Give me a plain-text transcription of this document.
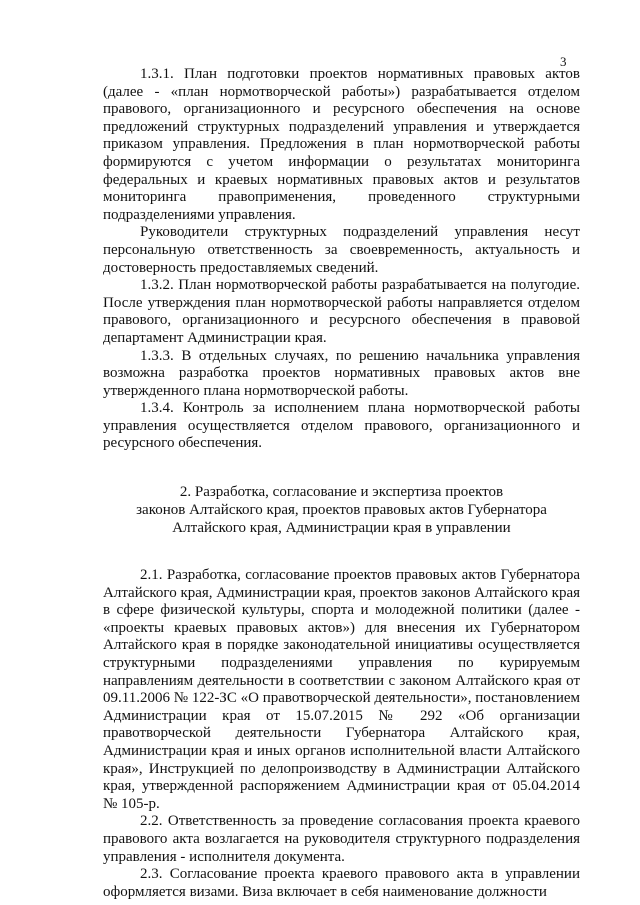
3

1.3.1. План подготовки проектов нормативных правовых актов (далее - «план нормотворческой работы») разрабатывается отделом правового, организационного и ресурсного обеспечения на основе предложений структурных подразделений управления и утверждается приказом управления. Предложения в план нормотворческой работы формируются с учетом информации о результатах мониторинга федеральных и краевых нормативных правовых актов и результатов мониторинга правоприменения, проведенного структурными подразделениями управления.

Руководители структурных подразделений управления несут персональную ответственность за своевременность, актуальность и достоверность предоставляемых сведений.

1.3.2. План нормотворческой работы разрабатывается на полугодие. После утверждения план нормотворческой работы направляется отделом правового, организационного и ресурсного обеспечения в правовой департамент Администрации края.

1.3.3. В отдельных случаях, по решению начальника управления возможна разработка проектов нормативных правовых актов вне утвержденного плана нормотворческой работы.

1.3.4. Контроль за исполнением плана нормотворческой работы управления осуществляется отделом правового, организационного и ресурсного обеспечения.

2. Разработка, согласование и экспертиза проектов
законов Алтайского края, проектов правовых актов Губернатора
Алтайского края, Администрации края в управлении

2.1. Разработка, согласование проектов правовых актов Губернатора Алтайского края, Администрации края, проектов законов Алтайского края в сфере физической культуры, спорта и молодежной политики (далее - «проекты краевых правовых актов») для внесения их Губернатором Алтайского края в порядке законодательной инициативы осуществляется структурными подразделениями управления по курируемым направлениям деятельности в соответствии с законом Алтайского края от 09.11.2006 № 122-ЗС «О правотворческой деятельности», постановлением Администрации края от 15.07.2015 № 292 «Об организации правотворческой деятельности Губернатора Алтайского края, Администрации края и иных органов исполнительной власти Алтайского края», Инструкцией по делопроизводству в Администрации Алтайского края, утвержденной распоряжением Администрации края от 05.04.2014 № 105-р.

2.2. Ответственность за проведение согласования проекта краевого правового акта возлагается на руководителя структурного подразделения управления - исполнителя документа.

2.3. Согласование проекта краевого правового акта в управлении оформляется визами. Виза включает в себя наименование должности
